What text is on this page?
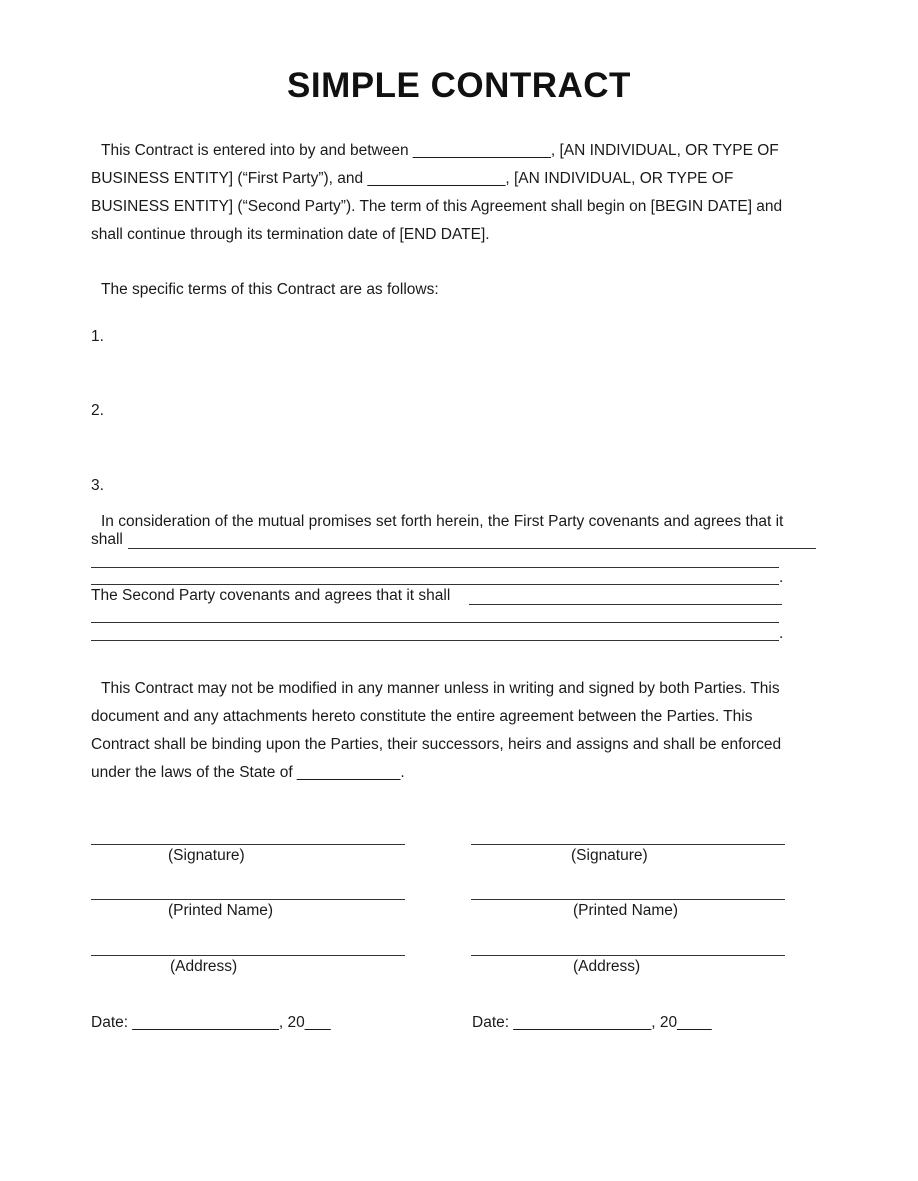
SIMPLE CONTRACT
This Contract is entered into by and between ________________, [AN INDIVIDUAL, OR TYPE OF
BUSINESS ENTITY] (“First Party”), and ________________, [AN INDIVIDUAL, OR TYPE OF
BUSINESS ENTITY] (“Second Party”). The term of this Agreement shall begin on [BEGIN DATE] and
shall continue through its termination date of [END DATE].
The specific terms of this Contract are as follows:
1.
2.
3.
In consideration of the mutual promises set forth herein, the First Party covenants and agrees that it
shall
.
The Second Party covenants and agrees that it shall
.
This Contract may not be modified in any manner unless in writing and signed by both Parties. This
document and any attachments hereto constitute the entire agreement between the Parties. This
Contract shall be binding upon the Parties, their successors, heirs and assigns and shall be enforced
under the laws of the State of ____________.
(Signature)
(Printed Name)
(Address)
Date: _________________, 20___
(Signature)
(Printed Name)
(Address)
Date: ________________, 20____
